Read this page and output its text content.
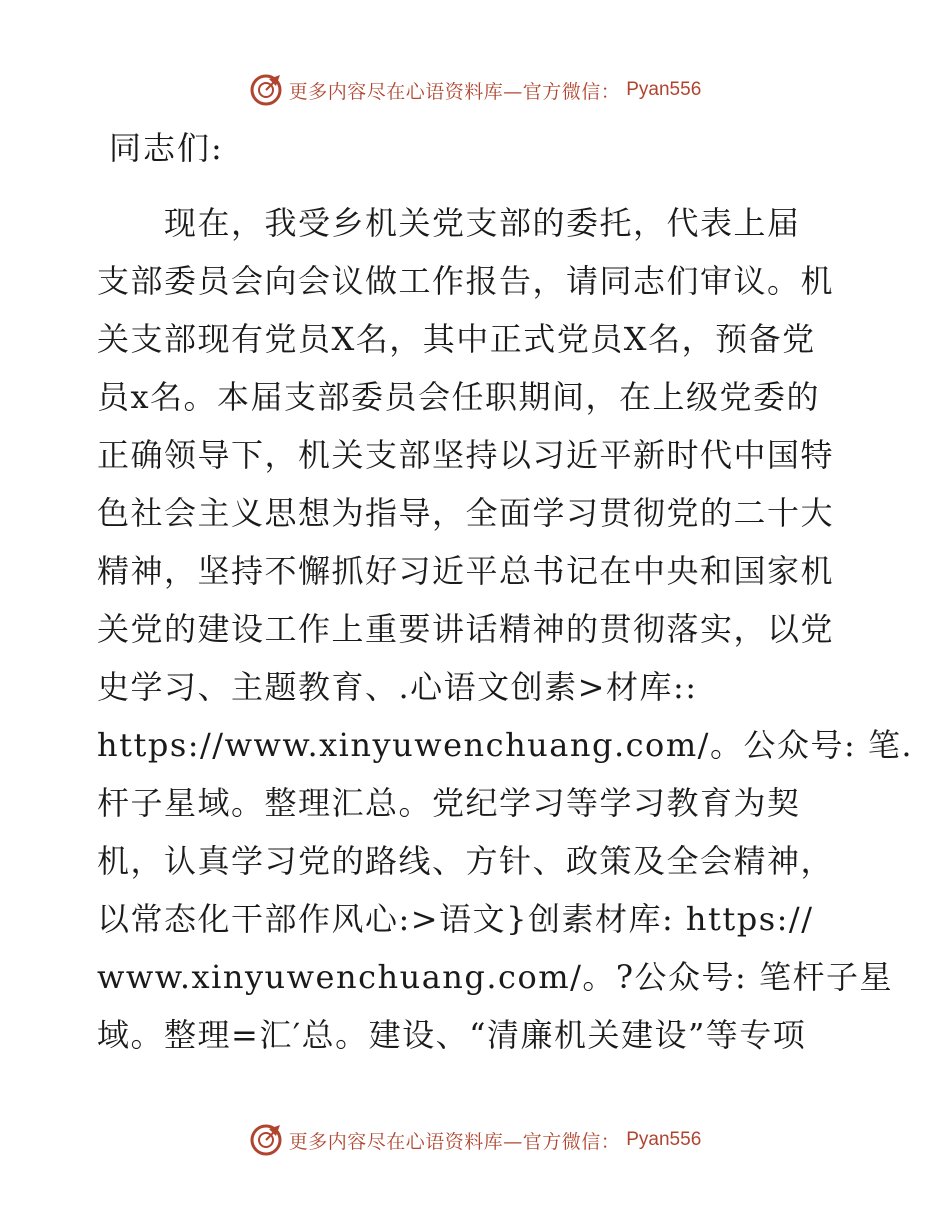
更多内容尽在心语资料库—官方微信： Pyan556

同志们:

　　现在，我受乡机关党支部的委托，代表上届

支部委员会向会议做工作报告，请同志们审议。机

关支部现有党员X名，其中正式党员X名，预备党

员x名。本届支部委员会任职期间，在上级党委的

正确领导下，机关支部坚持以习近平新时代中国特

色社会主义思想为指导，全面学习贯彻党的二十大

精神，坚持不懈抓好习近平总书记在中央和国家机

关党的建设工作上重要讲话精神的贯彻落实，以党

史学习、主题教育、.心语文创素>材库::

https://www.xinyuwenchuang.com/。公众号: 笔.

杆子星域。整理汇总。党纪学习等学习教育为契

机，认真学习党的路线、方针、政策及全会精神，

以常态化干部作风心:>语文}创素材库: https://

www.xinyuwenchuang.com/。?公众号: 笔杆子星

域。整理=汇′总。建设、“清廉机关建设”等专项

更多内容尽在心语资料库—官方微信： Pyan556
